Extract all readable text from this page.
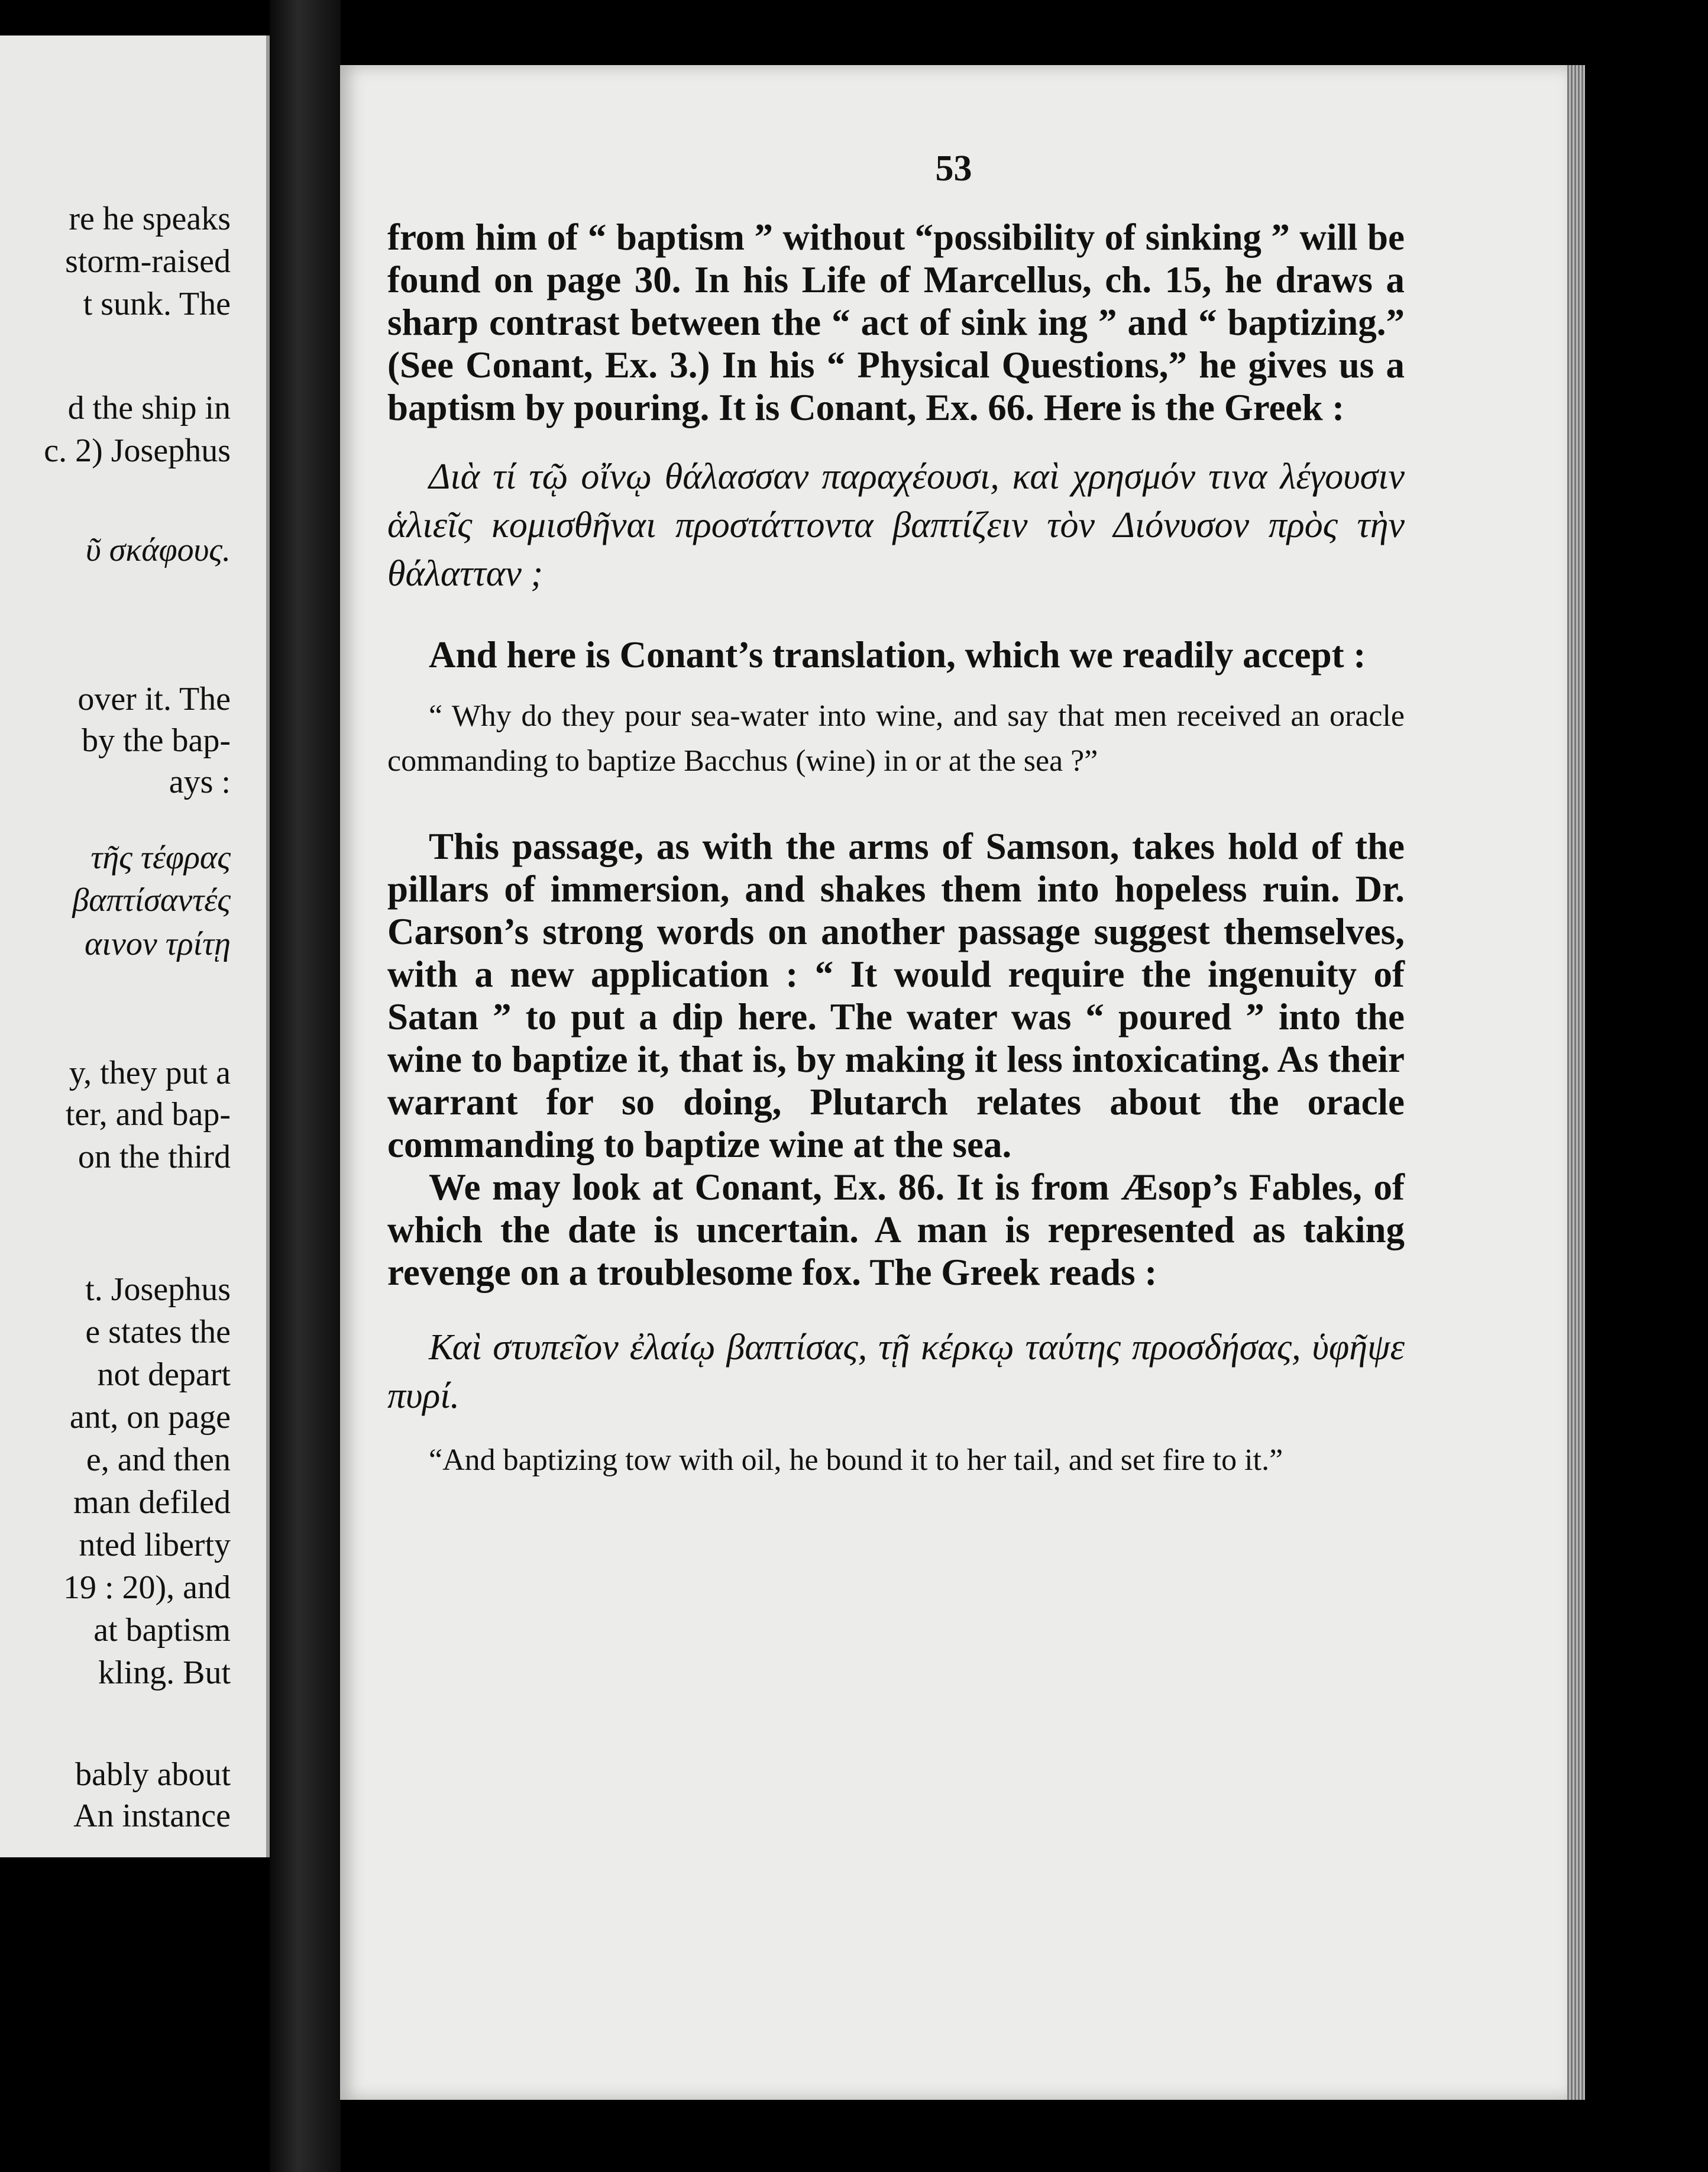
re he speaks
storm-raised
t sunk. The
d the ship in
c. 2) Josephus
ῦ σκάφους.
over it. The
by the bap-
ays :
τῆς τέφρας
βαπτίσαντές
αινον τρίτῃ
y, they put a
ter, and bap-
on the third
t. Josephus
e states the
not depart
ant, on page
e, and then
man defiled
nted liberty
19 : 20), and
at baptism
kling. But
bably about
An instance
53

from him of “ baptism ” without “possibility of sinking ” will be found on page 30. In his Life of Marcellus, ch. 15, he draws a sharp contrast between the “ act of sink ing ” and “ baptizing.” (See Conant, Ex. 3.) In his “ Physical Questions,” he gives us a baptism by pouring. It is Conant, Ex. 66. Here is the Greek :

Διὰ τί τῷ οἴνῳ θάλασσαν παραχέουσι, καὶ χρησμόν τινα λέγουσιν ἁλιεῖς κομισθῆναι προστάττοντα βαπτίζειν τὸν Διόνυσον πρὸς τὴν θάλατταν ;

And here is Conant’s translation, which we readily accept :

“ Why do they pour sea-water into wine, and say that men received an oracle commanding to baptize Bacchus (wine) in or at the sea ?”

This passage, as with the arms of Samson, takes hold of the pillars of immersion, and shakes them into hopeless ruin. Dr. Carson’s strong words on another passage suggest themselves, with a new application : “ It would require the ingenuity of Satan ” to put a dip here. The water was “ poured ” into the wine to baptize it, that is, by making it less intoxicating. As their warrant for so doing, Plutarch relates about the oracle commanding to baptize wine at the sea.

We may look at Conant, Ex. 86. It is from Æsop’s Fables, of which the date is uncertain. A man is represented as taking revenge on a troublesome fox. The Greek reads :

Καὶ στυπεῖον ἐλαίῳ βαπτίσας, τῇ κέρκῳ ταύτης προσδήσας, ὑφῆψε πυρί.

“And baptizing tow with oil, he bound it to her tail, and set fire to it.”
